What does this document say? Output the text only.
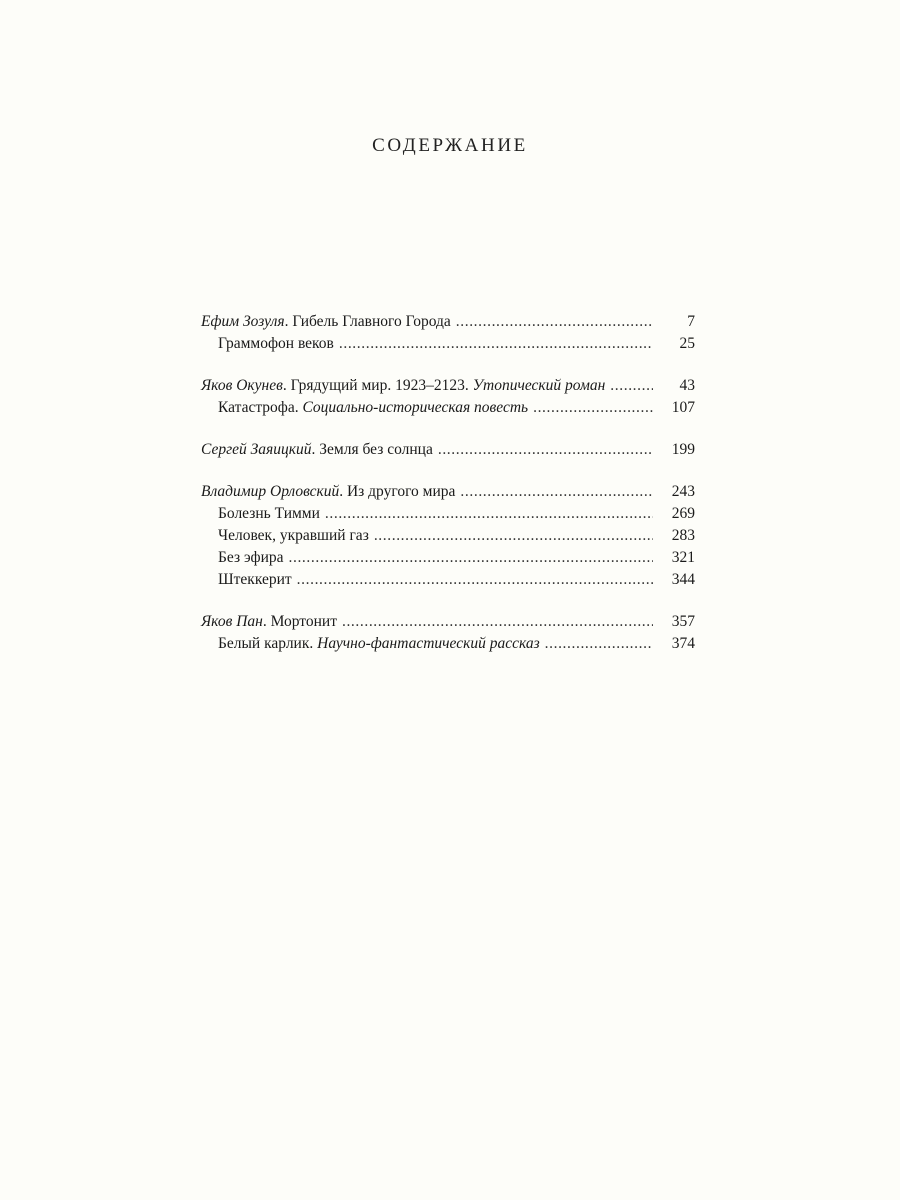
СОДЕРЖАНИЕ
Ефим Зозуля. Гибель Главного Города .....	7
Граммофон веков .....	25
Яков Окунев. Грядущий мир. 1923–2123. Утопический роман .....	43
Катастрофа. Социально-историческая повесть .....	107
Сергей Заяицкий. Земля без солнца .....	199
Владимир Орловский. Из другого мира .....	243
Болезнь Тимми .....	269
Человек, укравший газ .....	283
Без эфира .....	321
Штеккерит .....	344
Яков Пан. Мортонит .....	357
Белый карлик. Научно-фантастический рассказ .....	374
